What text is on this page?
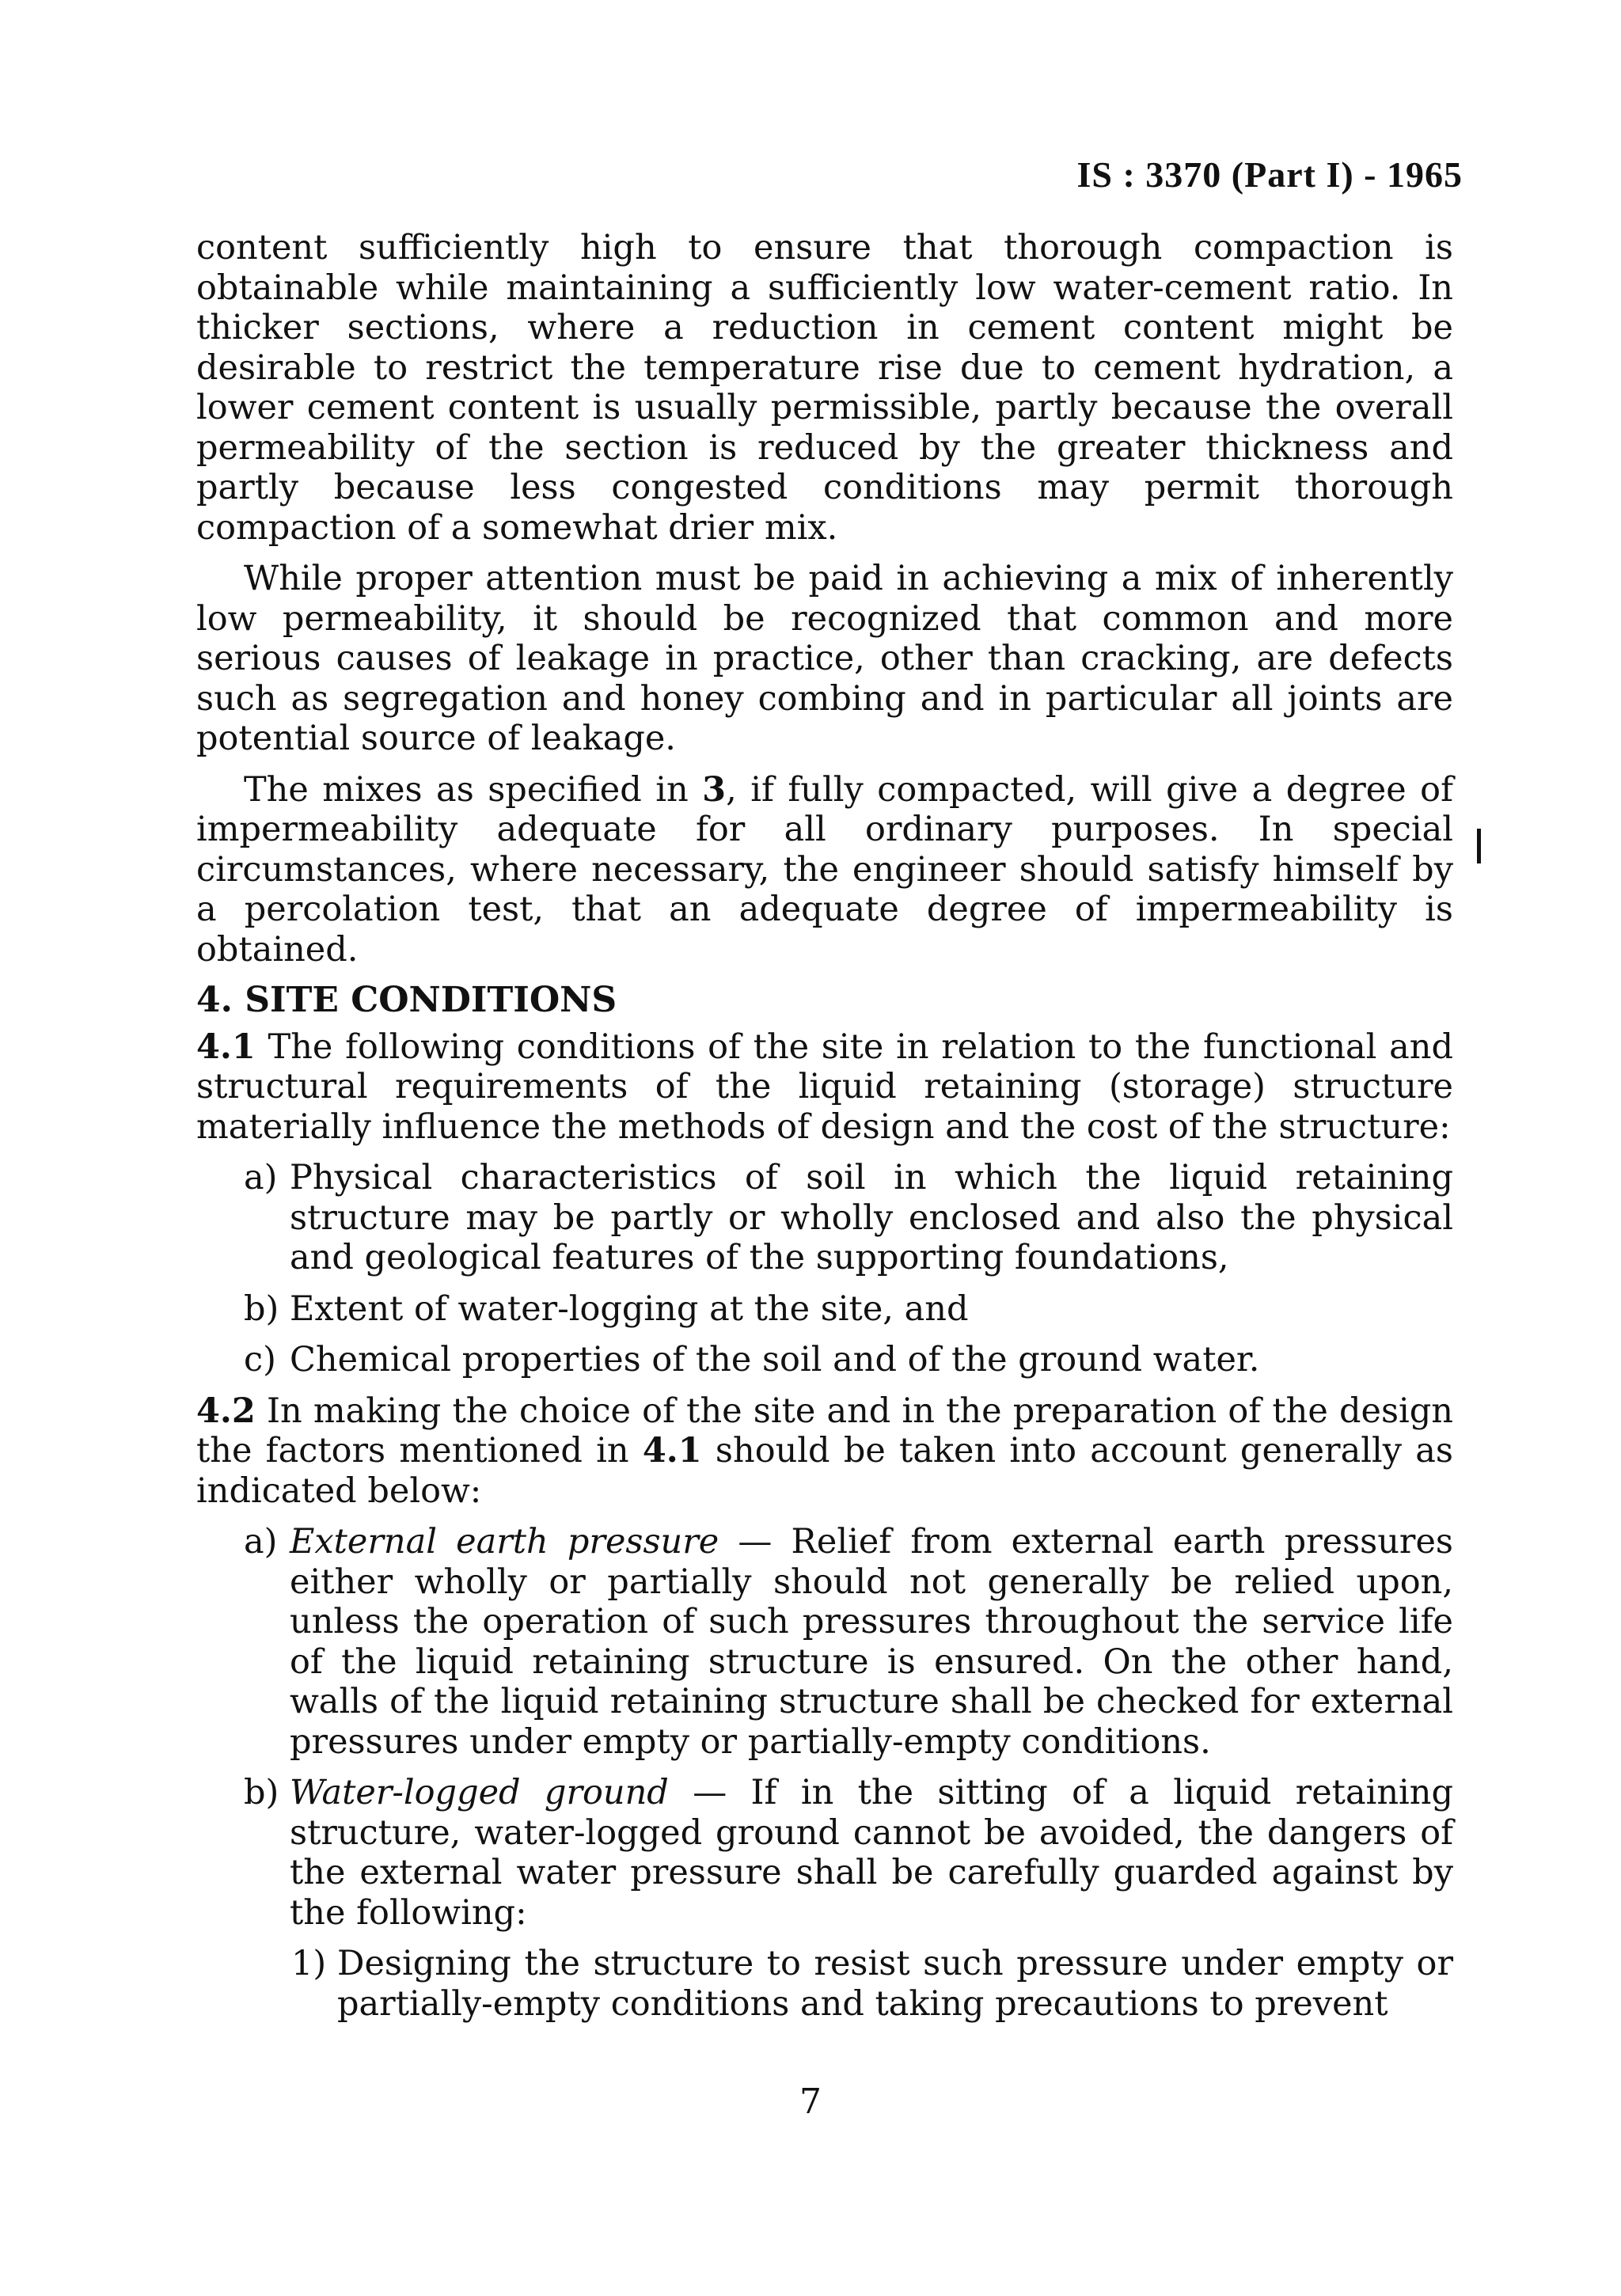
IS : 3370 (Part I) - 1965

content sufficiently high to ensure that thorough compaction is obtainable while maintaining a sufficiently low water-cement ratio. In thicker sections, where a reduction in cement content might be desirable to restrict the temperature rise due to cement hydration, a lower cement content is usually permissible, partly because the overall permeability of the section is reduced by the greater thickness and partly because less congested conditions may permit thorough compaction of a somewhat drier mix.

While proper attention must be paid in achieving a mix of inherently low permeability, it should be recognized that common and more serious causes of leakage in practice, other than cracking, are defects such as segregation and honey combing and in particular all joints are potential source of leakage.

The mixes as specified in 3, if fully compacted, will give a degree of impermeability adequate for all ordinary purposes. In special circumstances, where necessary, the engineer should satisfy himself by a percolation test, that an adequate degree of impermeability is obtained.

4. SITE CONDITIONS

4.1 The following conditions of the site in relation to the functional and structural requirements of the liquid retaining (storage) structure materially influence the methods of design and the cost of the structure:

a) Physical characteristics of soil in which the liquid retaining structure may be partly or wholly enclosed and also the physical and geological features of the supporting foundations,
b) Extent of water-logging at the site, and
c) Chemical properties of the soil and of the ground water.

4.2 In making the choice of the site and in the preparation of the design the factors mentioned in 4.1 should be taken into account generally as indicated below:

a) External earth pressure — Relief from external earth pressures either wholly or partially should not generally be relied upon, unless the operation of such pressures throughout the service life of the liquid retaining structure is ensured. On the other hand, walls of the liquid retaining structure shall be checked for external pressures under empty or partially-empty conditions.
b) Water-logged ground — If in the sitting of a liquid retaining structure, water-logged ground cannot be avoided, the dangers of the external water pressure shall be carefully guarded against by the following:
1) Designing the structure to resist such pressure under empty or partially-empty conditions and taking precautions to prevent
7
